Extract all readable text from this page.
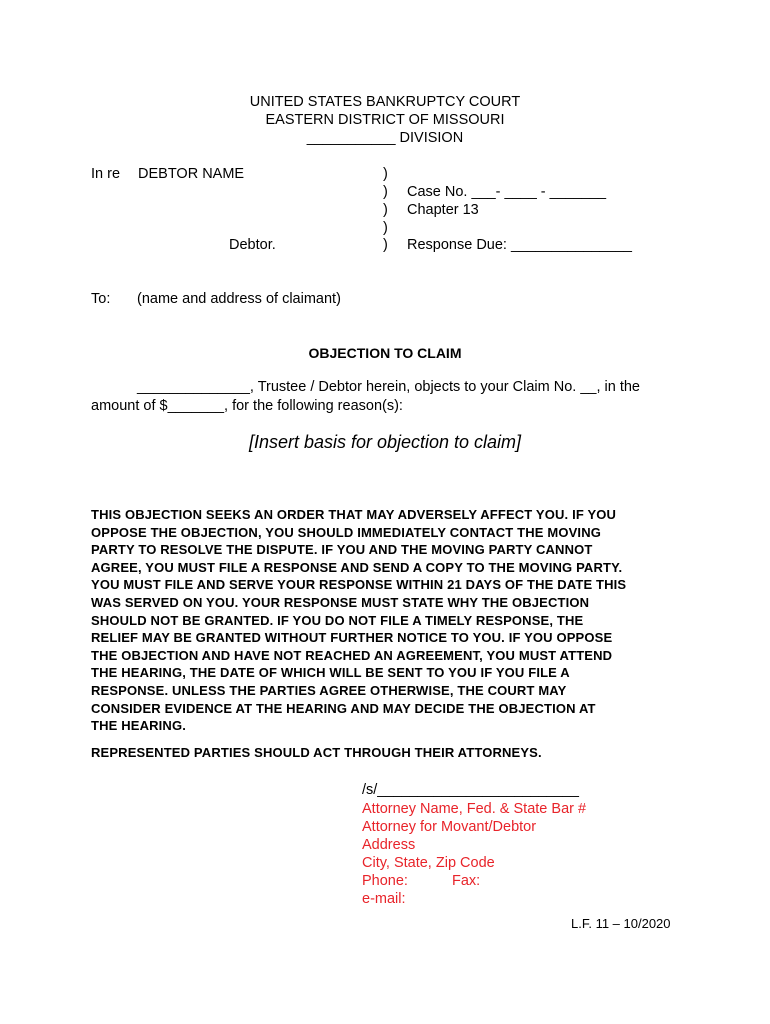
UNITED STATES BANKRUPTCY COURT
EASTERN DISTRICT OF MISSOURI
___________ DIVISION
In re DEBTOR NAME
Debtor.
)
)
)
)
)
Case No. ___- ____ - _______
Chapter 13
Response Due: _______________
To: (name and address of claimant)
OBJECTION TO CLAIM
______________, Trustee / Debtor herein, objects to your Claim No. __, in the
amount of $_______, for the following reason(s):
[Insert basis for objection to claim]
THIS OBJECTION SEEKS AN ORDER THAT MAY ADVERSELY AFFECT YOU. IF YOU
OPPOSE THE OBJECTION, YOU SHOULD IMMEDIATELY CONTACT THE MOVING
PARTY TO RESOLVE THE DISPUTE. IF YOU AND THE MOVING PARTY CANNOT
AGREE, YOU MUST FILE A RESPONSE AND SEND A COPY TO THE MOVING PARTY.
YOU MUST FILE AND SERVE YOUR RESPONSE WITHIN 21 DAYS OF THE DATE THIS
WAS SERVED ON YOU. YOUR RESPONSE MUST STATE WHY THE OBJECTION
SHOULD NOT BE GRANTED. IF YOU DO NOT FILE A TIMELY RESPONSE, THE
RELIEF MAY BE GRANTED WITHOUT FURTHER NOTICE TO YOU. IF YOU OPPOSE
THE OBJECTION AND HAVE NOT REACHED AN AGREEMENT, YOU MUST ATTEND
THE HEARING, THE DATE OF WHICH WILL BE SENT TO YOU IF YOU FILE A
RESPONSE. UNLESS THE PARTIES AGREE OTHERWISE, THE COURT MAY
CONSIDER EVIDENCE AT THE HEARING AND MAY DECIDE THE OBJECTION AT
THE HEARING.
REPRESENTED PARTIES SHOULD ACT THROUGH THEIR ATTORNEYS.
/s/_________________________
Attorney Name, Fed. & State Bar #
Attorney for Movant/Debtor
Address
City, State, Zip Code
Phone:	Fax:
e-mail:
L.F. 11 – 10/2020
